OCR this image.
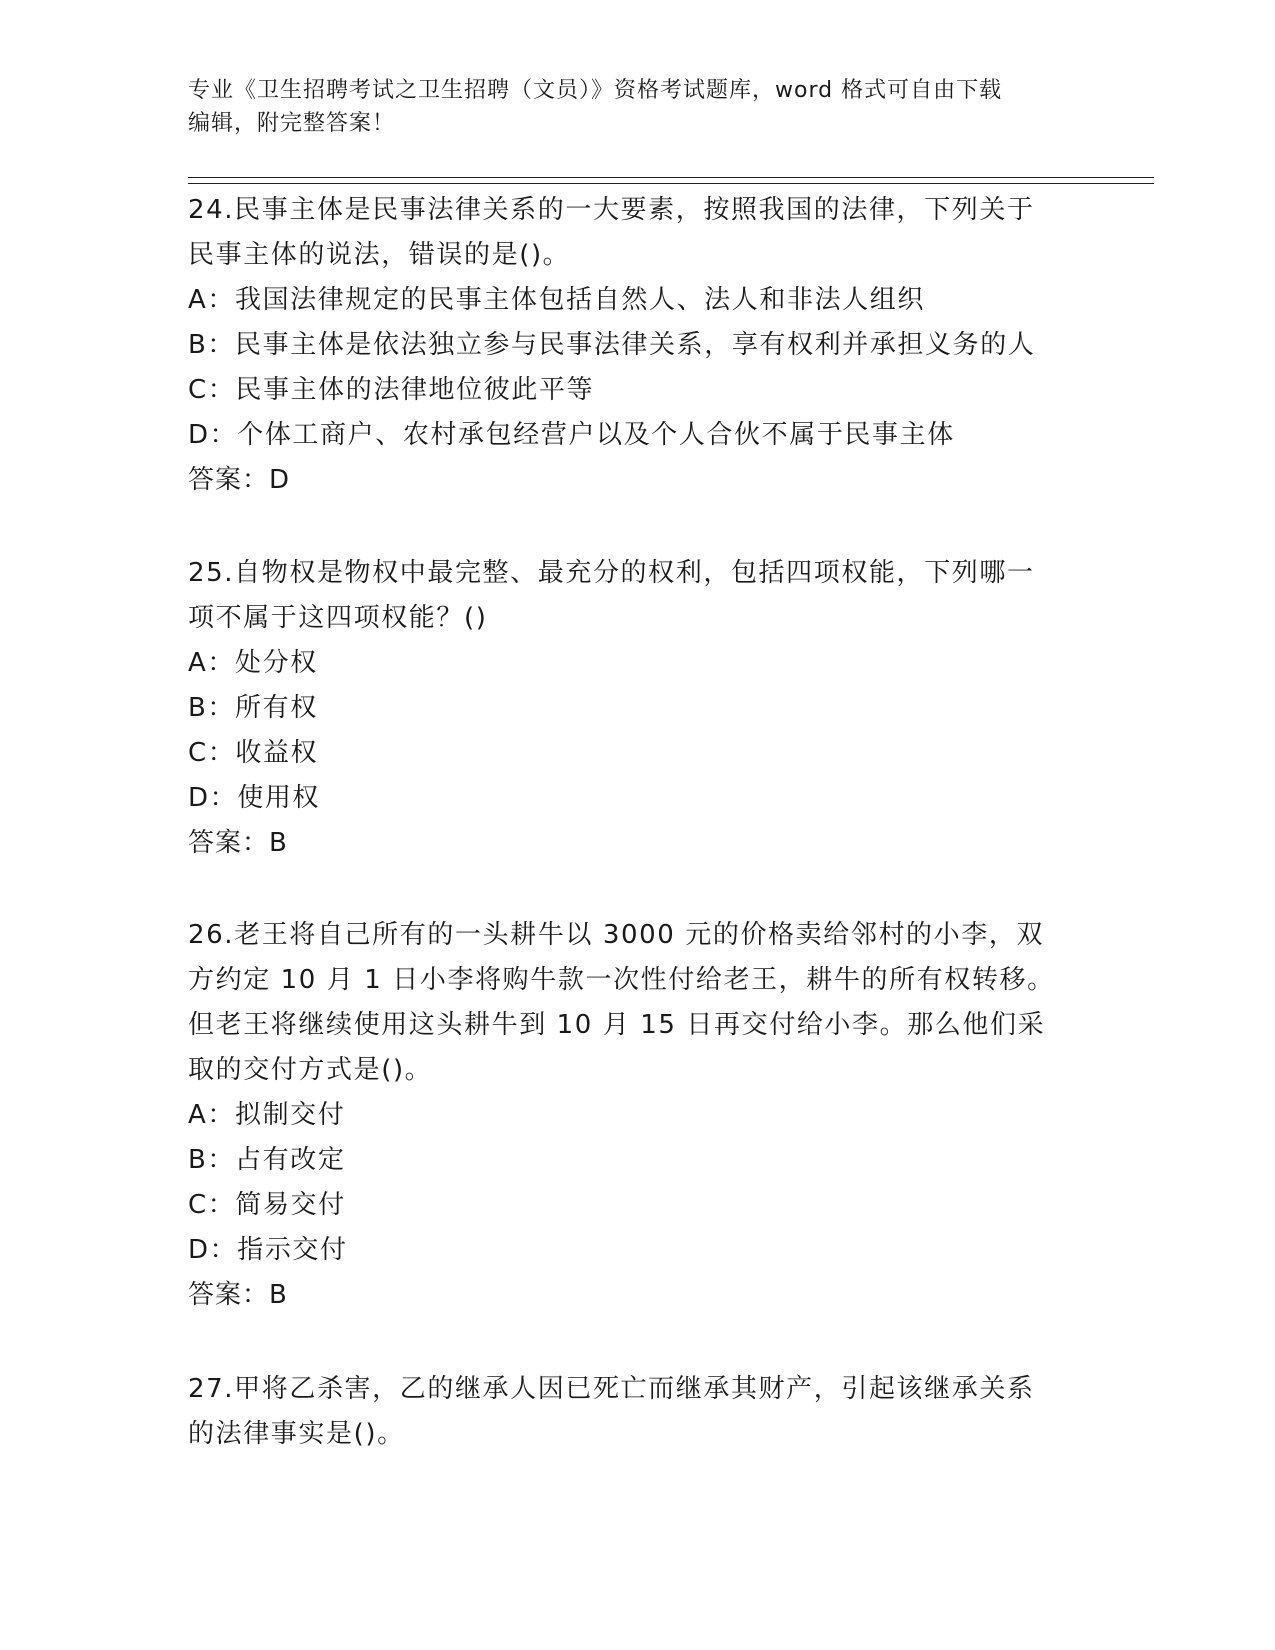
专业《卫生招聘考试之卫生招聘（文员）》资格考试题库，word 格式可自由下载
编辑，附完整答案！
24.民事主体是民事法律关系的一大要素，按照我国的法律，下列关于
民事主体的说法，错误的是()。
A：我国法律规定的民事主体包括自然人、法人和非法人组织
B：民事主体是依法独立参与民事法律关系，享有权利并承担义务的人
C：民事主体的法律地位彼此平等
D：个体工商户、农村承包经营户以及个人合伙不属于民事主体
答案：D
25.自物权是物权中最完整、最充分的权利，包括四项权能，下列哪一
项不属于这四项权能？()
A：处分权
B：所有权
C：收益权
D：使用权
答案：B
26.老王将自己所有的一头耕牛以 3000 元的价格卖给邻村的小李，双
方约定 10 月 1 日小李将购牛款一次性付给老王，耕牛的所有权转移。
但老王将继续使用这头耕牛到 10 月 15 日再交付给小李。那么他们采
取的交付方式是()。
A：拟制交付
B：占有改定
C：简易交付
D：指示交付
答案：B
27.甲将乙杀害，乙的继承人因已死亡而继承其财产，引起该继承关系
的法律事实是()。
